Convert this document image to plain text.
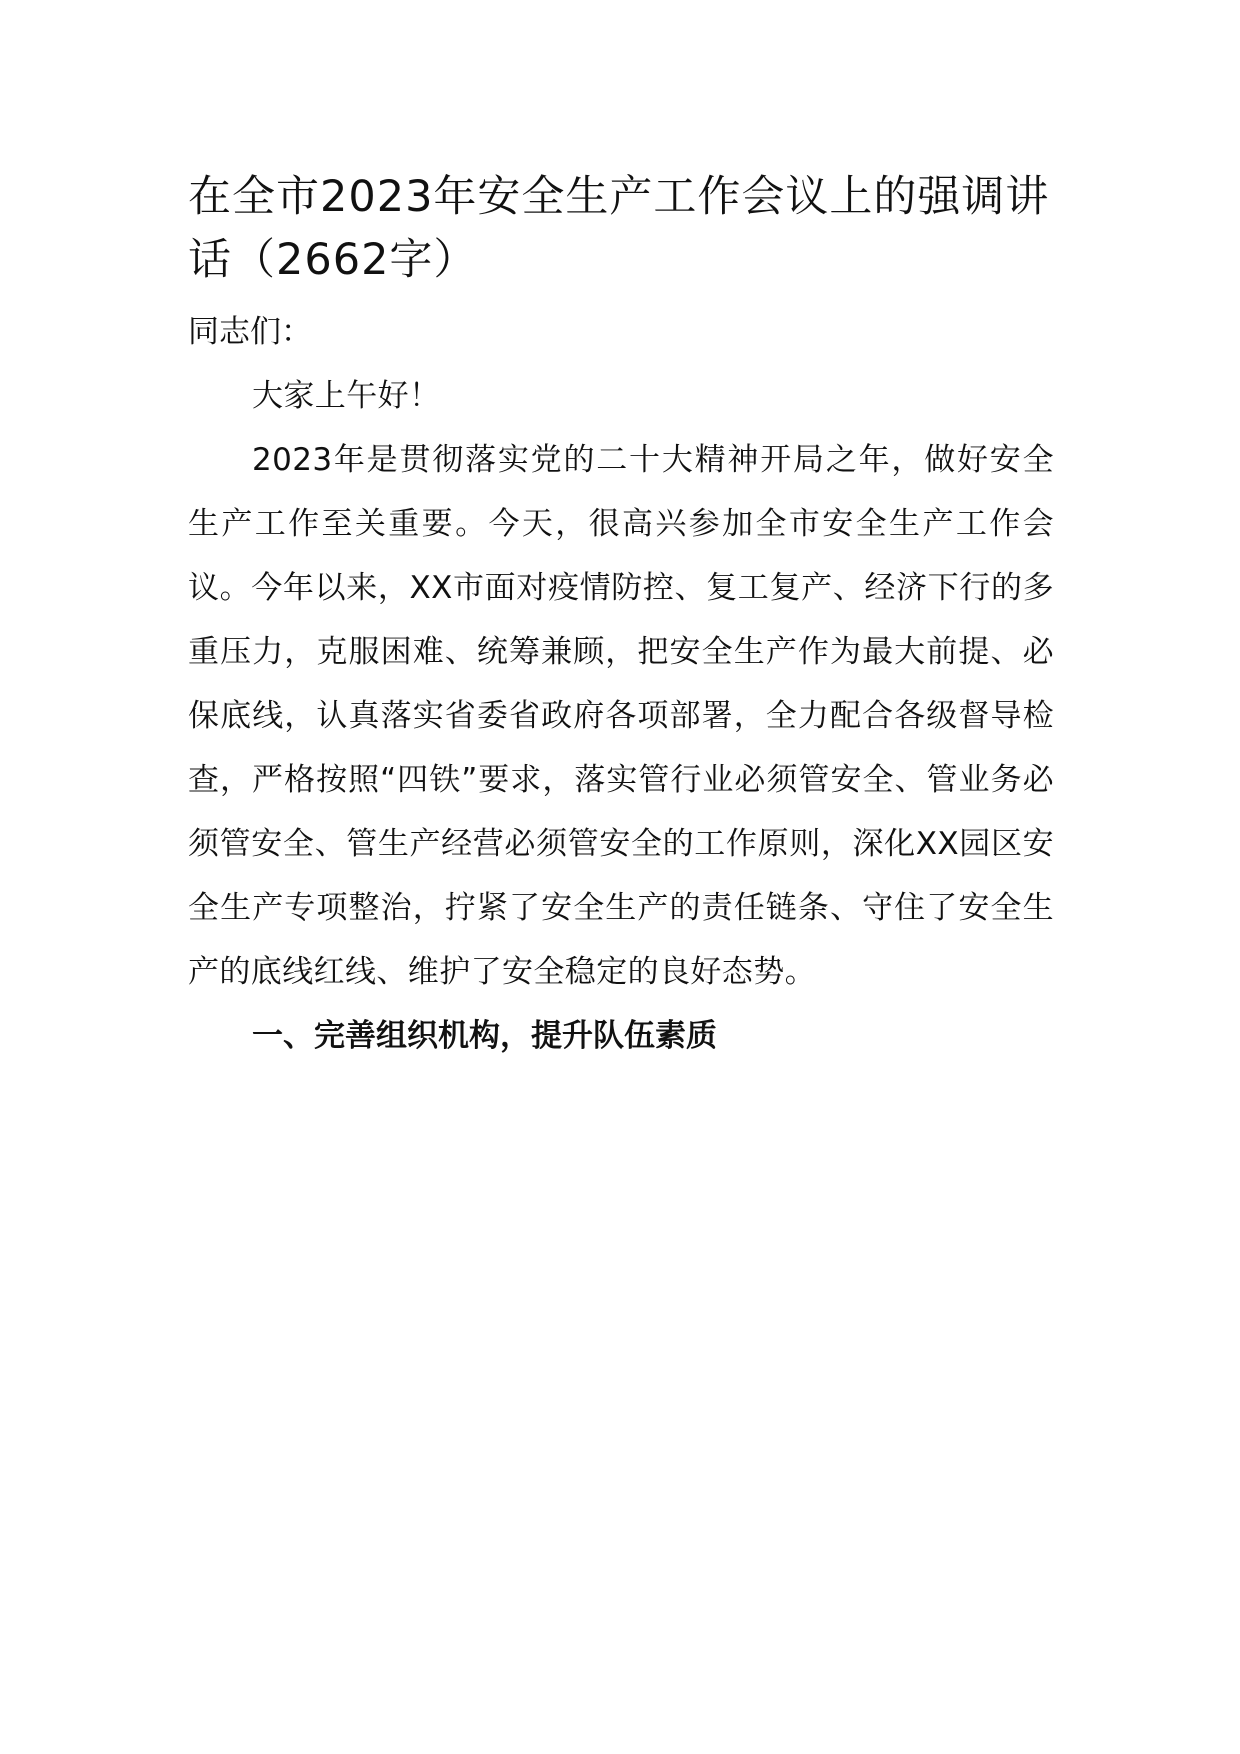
在全市2023年安全生产工作会议上的强调讲话（2662字）

同志们：

大家上午好！

2023年是贯彻落实党的二十大精神开局之年，做好安全生产工作至关重要。今天，很高兴参加全市安全生产工作会议。今年以来，XX市面对疫情防控、复工复产、经济下行的多重压力，克服困难、统筹兼顾，把安全生产作为最大前提、必保底线，认真落实省委省政府各项部署，全力配合各级督导检查，严格按照“四铁”要求，落实管行业必须管安全、管业务必须管安全、管生产经营必须管安全的工作原则，深化XX园区安全生产专项整治，拧紧了安全生产的责任链条、守住了安全生产的底线红线、维护了安全稳定的良好态势。

一、完善组织机构，提升队伍素质
